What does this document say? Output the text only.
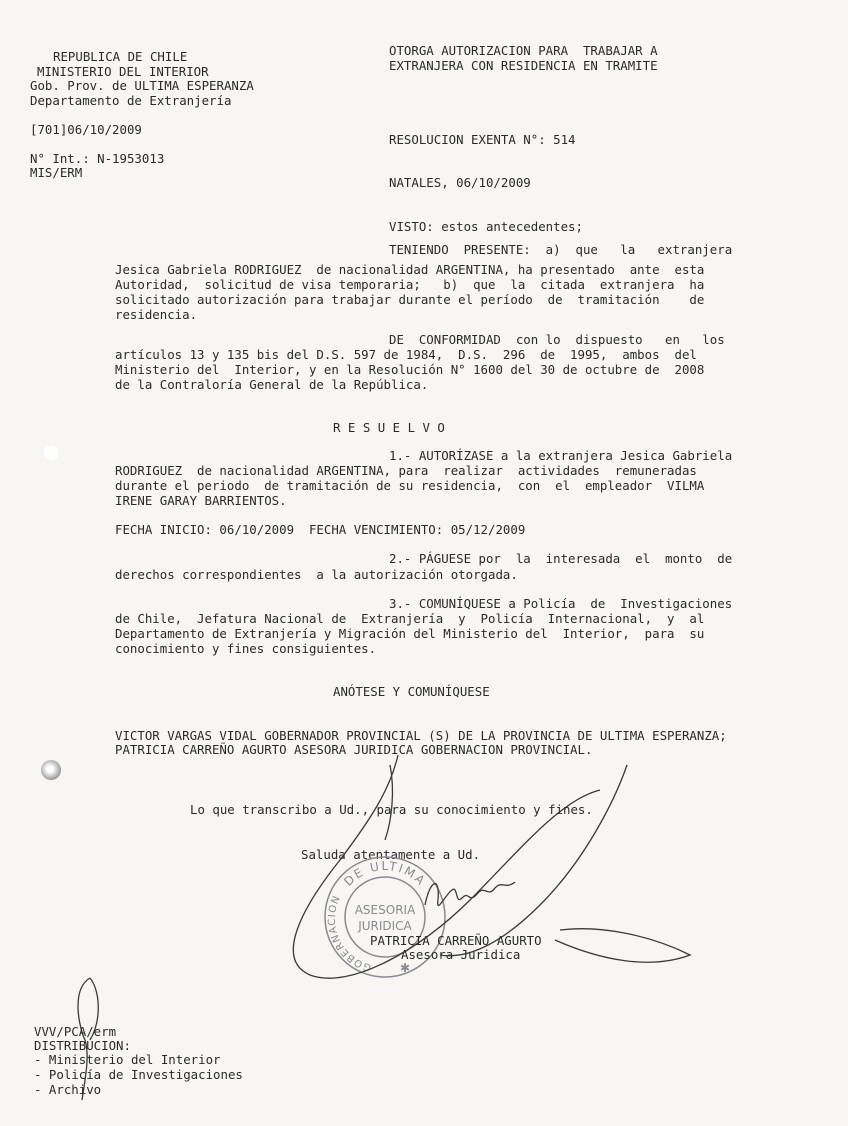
REPUBLICA DE CHILE
MINISTERIO DEL INTERIOR
Gob. Prov. de ULTIMA ESPERANZA
Departamento de Extranjería
[701]06/10/2009
N° Int.: N-1953013
MIS/ERM
OTORGA AUTORIZACION PARA  TRABAJAR A
EXTRANJERA CON RESIDENCIA EN TRAMITE
RESOLUCION EXENTA N°: 514
NATALES, 06/10/2009
VISTO: estos antecedentes;
TENIENDO  PRESENTE:  a)  que   la   extranjera
Jesica Gabriela RODRIGUEZ  de nacionalidad ARGENTINA, ha presentado  ante  esta
Autoridad,  solicitud de visa temporaria;   b)  que  la  citada  extranjera  ha
solicitado autorización para trabajar durante el período  de  tramitación    de
residencia.
DE  CONFORMIDAD  con lo  dispuesto   en   los
artículos 13 y 135 bis del D.S. 597 de 1984,  D.S.  296  de  1995,  ambos  del
Ministerio del  Interior, y en la Resolución N° 1600 del 30 de octubre de  2008
de la Contraloría General de la República.
R E S U E L V O
1.- AUTORÍZASE a la extranjera Jesica Gabriela
RODRIGUEZ  de nacionalidad ARGENTINA, para  realizar  actividades  remuneradas
durante el periodo  de tramitación de su residencia,  con  el  empleador  VILMA
IRENE GARAY BARRIENTOS.
FECHA INICIO: 06/10/2009  FECHA VENCIMIENTO: 05/12/2009
2.- PÁGUESE por  la  interesada  el  monto  de
derechos correspondientes  a la autorización otorgada.
3.- COMUNÍQUESE a Policía  de  Investigaciones
de Chile,  Jefatura Nacional de  Extranjería  y  Policía  Internacional,  y  al
Departamento de Extranjería y Migración del Ministerio del  Interior,  para  su
conocimiento y fines consiguientes.
ANÓTESE Y COMUNÍQUESE
VICTOR VARGAS VIDAL GOBERNADOR PROVINCIAL (S) DE LA PROVINCIA DE ULTIMA ESPERANZA;
PATRICIA CARREÑO AGURTO ASESORA JURIDICA GOBERNACION PROVINCIAL.
Lo que transcribo a Ud., para su conocimiento y fines.
Saluda atentamente a Ud.
DE ULTIMA
GOBERNACION
ASESORIA
JURIDICA
✱
PATRICIA CARREÑO AGURTO
Asesora Juridica
VVV/PCA/erm
DISTRIBUCION:
- Ministerio del Interior
- Policía de Investigaciones
- Archivo
